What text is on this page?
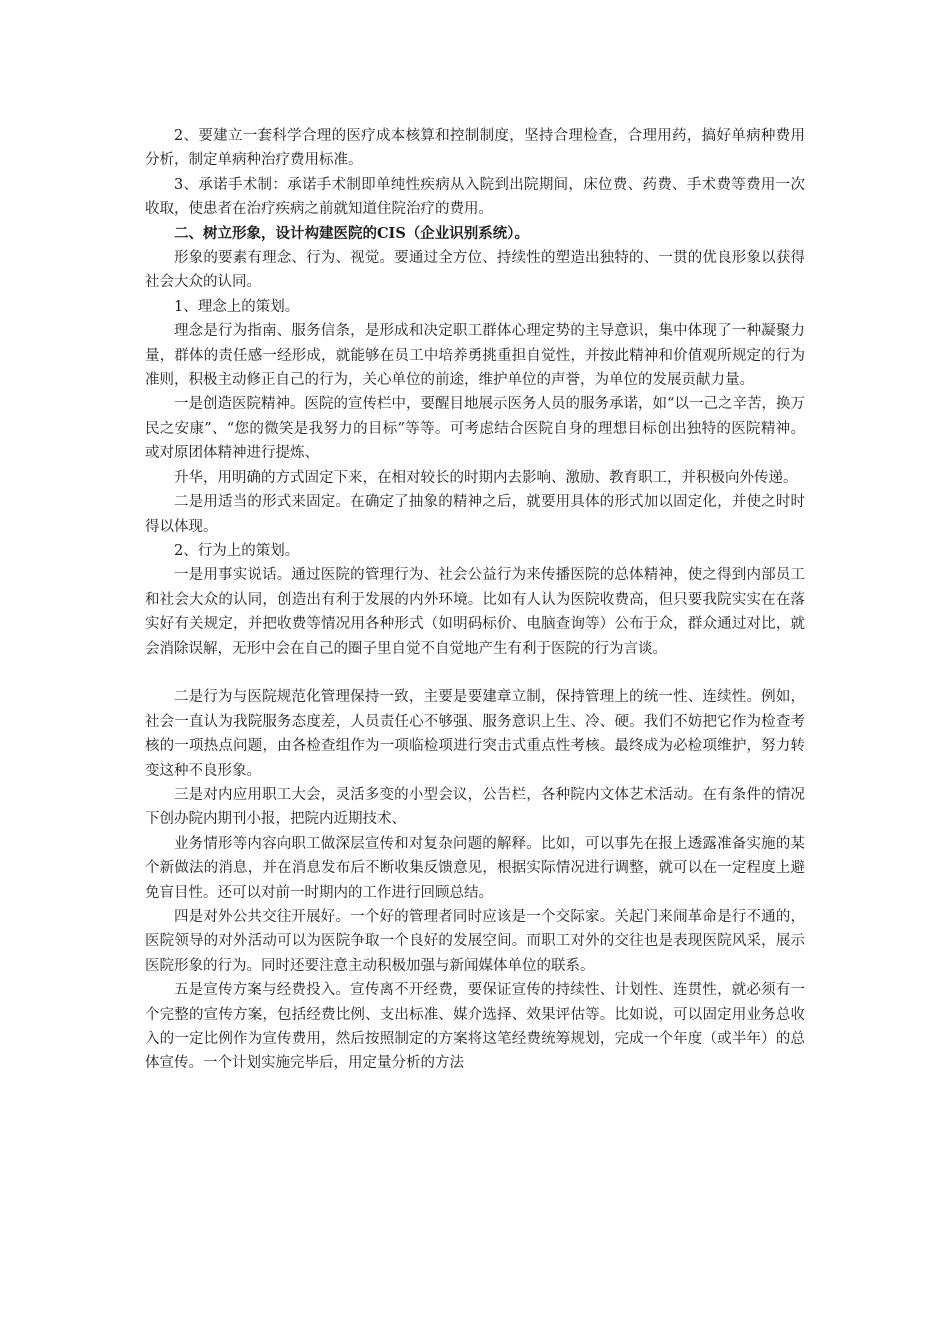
2、要建立一套科学合理的医疗成本核算和控制制度，坚持合理检查，合理用药，搞好单病种费用分析，制定单病种治疗费用标准。

3、承诺手术制：承诺手术制即单纯性疾病从入院到出院期间，床位费、药费、手术费等费用一次收取，使患者在治疗疾病之前就知道住院治疗的费用。

二、树立形象，设计构建医院的CIS（企业识别系统）。

形象的要素有理念、行为、视觉。要通过全方位、持续性的塑造出独特的、一贯的优良形象以获得社会大众的认同。

1、理念上的策划。

理念是行为指南、服务信条，是形成和决定职工群体心理定势的主导意识，集中体现了一种凝聚力量，群体的责任感一经形成，就能够在员工中培养勇挑重担自觉性，并按此精神和价值观所规定的行为准则，积极主动修正自己的行为，关心单位的前途，维护单位的声誉，为单位的发展贡献力量。

一是创造医院精神。医院的宣传栏中，要醒目地展示医务人员的服务承诺，如“以一己之辛苦，换万民之安康”、“您的微笑是我努力的目标”等等。可考虑结合医院自身的理想目标创出独特的医院精神。或对原团体精神进行提炼、

升华，用明确的方式固定下来，在相对较长的时期内去影响、激励、教育职工，并积极向外传递。

二是用适当的形式来固定。在确定了抽象的精神之后，就要用具体的形式加以固定化，并使之时时得以体现。

2、行为上的策划。

一是用事实说话。通过医院的管理行为、社会公益行为来传播医院的总体精神，使之得到内部员工和社会大众的认同，创造出有利于发展的内外环境。比如有人认为医院收费高，但只要我院实实在在落实好有关规定，并把收费等情况用各种形式（如明码标价、电脑查询等）公布于众，群众通过对比，就会消除误解，无形中会在自己的圈子里自觉不自觉地产生有利于医院的行为言谈。

二是行为与医院规范化管理保持一致，主要是要建章立制，保持管理上的统一性、连续性。例如，社会一直认为我院服务态度差，人员责任心不够强、服务意识上生、冷、硬。我们不妨把它作为检查考核的一项热点问题，由各检查组作为一项临检项进行突击式重点性考核。最终成为必检项维护，努力转变这种不良形象。

三是对内应用职工大会，灵活多变的小型会议，公告栏，各种院内文体艺术活动。在有条件的情况下创办院内期刊小报，把院内近期技术、

业务情形等内容向职工做深层宣传和对复杂问题的解释。比如，可以事先在报上透露准备实施的某个新做法的消息，并在消息发布后不断收集反馈意见，根据实际情况进行调整，就可以在一定程度上避免盲目性。还可以对前一时期内的工作进行回顾总结。

四是对外公共交往开展好。一个好的管理者同时应该是一个交际家。关起门来闹革命是行不通的，医院领导的对外活动可以为医院争取一个良好的发展空间。而职工对外的交往也是表现医院风采，展示医院形象的行为。同时还要注意主动积极加强与新闻媒体单位的联系。

五是宣传方案与经费投入。宣传离不开经费，要保证宣传的持续性、计划性、连贯性，就必须有一个完整的宣传方案，包括经费比例、支出标准、媒介选择、效果评估等。比如说，可以固定用业务总收入的一定比例作为宣传费用，然后按照制定的方案将这笔经费统筹规划，完成一个年度（或半年）的总体宣传。一个计划实施完毕后，用定量分析的方法
